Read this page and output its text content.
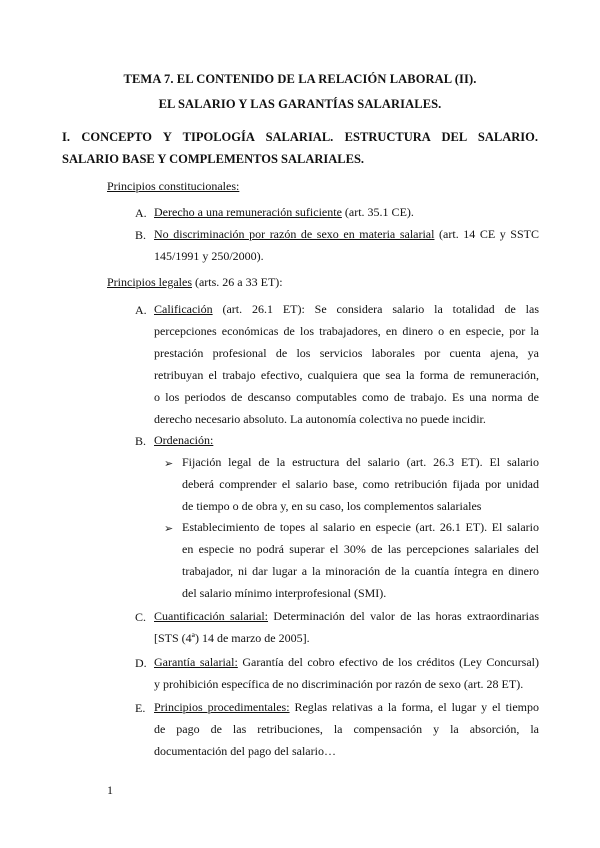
TEMA 7. EL CONTENIDO DE LA RELACIÓN LABORAL (II).
EL SALARIO Y LAS GARANTÍAS SALARIALES.
I. CONCEPTO Y TIPOLOGÍA SALARIAL. ESTRUCTURA DEL SALARIO.
SALARIO BASE Y COMPLEMENTOS SALARIALES.
Principios constitucionales:
A. Derecho a una remuneración suficiente (art. 35.1 CE).
B. No discriminación por razón de sexo en materia salarial (art. 14 CE y SSTC
145/1991 y 250/2000).
Principios legales (arts. 26 a 33 ET):
A. Calificación (art. 26.1 ET): Se considera salario la totalidad de las
percepciones económicas de los trabajadores, en dinero o en especie, por la
prestación profesional de los servicios laborales por cuenta ajena, ya
retribuyan el trabajo efectivo, cualquiera que sea la forma de remuneración,
o los periodos de descanso computables como de trabajo. Es una norma de
derecho necesario absoluto. La autonomía colectiva no puede incidir.
B. Ordenación:
➢ Fijación legal de la estructura del salario (art. 26.3 ET). El salario
deberá comprender el salario base, como retribución fijada por unidad
de tiempo o de obra y, en su caso, los complementos salariales
➢ Establecimiento de topes al salario en especie (art. 26.1 ET). El salario
en especie no podrá superar el 30% de las percepciones salariales del
trabajador, ni dar lugar a la minoración de la cuantía íntegra en dinero
del salario mínimo interprofesional (SMI).
C. Cuantificación salarial: Determinación del valor de las horas extraordinarias
[STS (4ª) 14 de marzo de 2005].
D. Garantía salarial: Garantía del cobro efectivo de los créditos (Ley Concursal)
y prohibición específica de no discriminación por razón de sexo (art. 28 ET).
E. Principios procedimentales: Reglas relativas a la forma, el lugar y el tiempo
de pago de las retribuciones, la compensación y la absorción, la
documentación del pago del salario…
1
